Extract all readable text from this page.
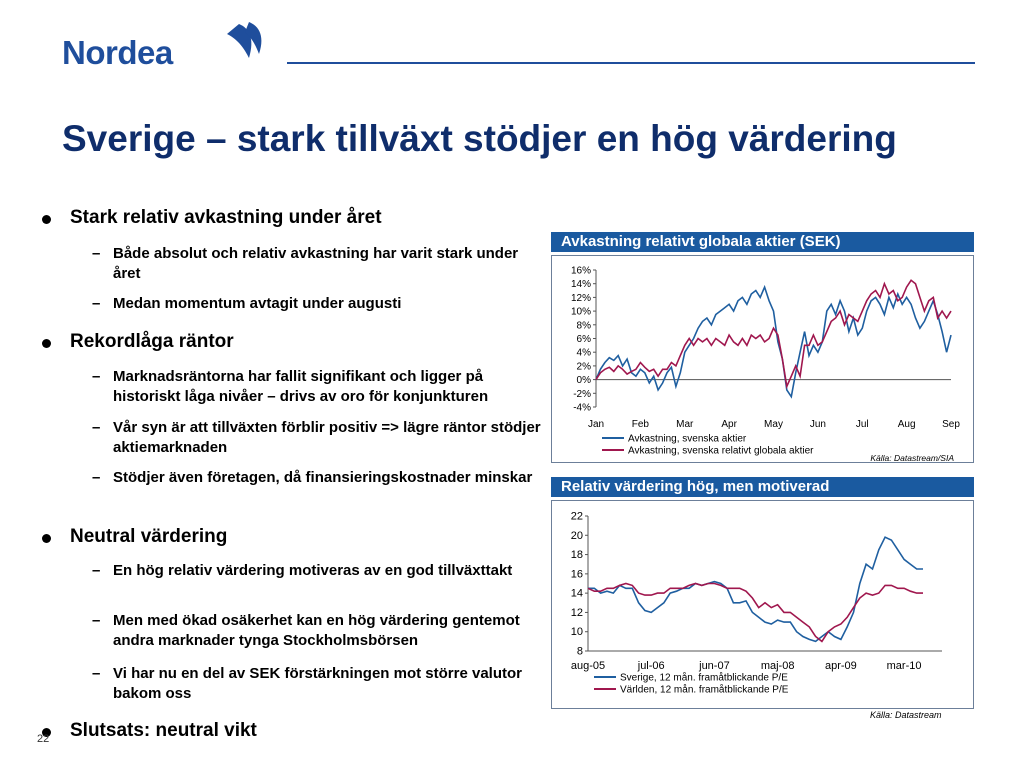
Nordea
Sverige – stark tillväxt stödjer en hög värdering
Stark relativ avkastning under året
– Både absolut och relativ avkastning har varit stark under året
– Medan momentum avtagit under augusti
Rekordlåga räntor
– Marknadsräntorna har fallit signifikant och ligger på historiskt låga nivåer – drivs av oro för konjunkturen
– Vår syn är att tillväxten förblir positiv => lägre räntor stödjer aktiemarknaden
– Stödjer även företagen, då finansieringskostnader minskar
Neutral värdering
– En hög relativ värdering motiveras av en god tillväxttakt
– Men med ökad osäkerhet kan en hög värdering gentemot andra marknader tynga Stockholmsbörsen
– Vi har nu en del av SEK förstärkningen mot större valutor bakom oss
Slutsats: neutral vikt
22
Avkastning relativt globala aktier (SEK)
16%
14%
12%
10%
8%
6%
4%
2%
0%
-2%
-4%
Jan	Feb	Mar	Apr	May	Jun	Jul	Aug	Sep
Avkastning, svenska aktier
Avkastning, svenska relativt globala aktier
Källa: Datastream/SIA
Relativ värdering hög, men motiverad
22
20
18
16
14
12
10
8
aug-05	jul-06	jun-07	maj-08	apr-09	mar-10
Sverige, 12 mån. framåtblickande P/E
Världen, 12 mån. framåtblickande P/E
Källa: Datastream
